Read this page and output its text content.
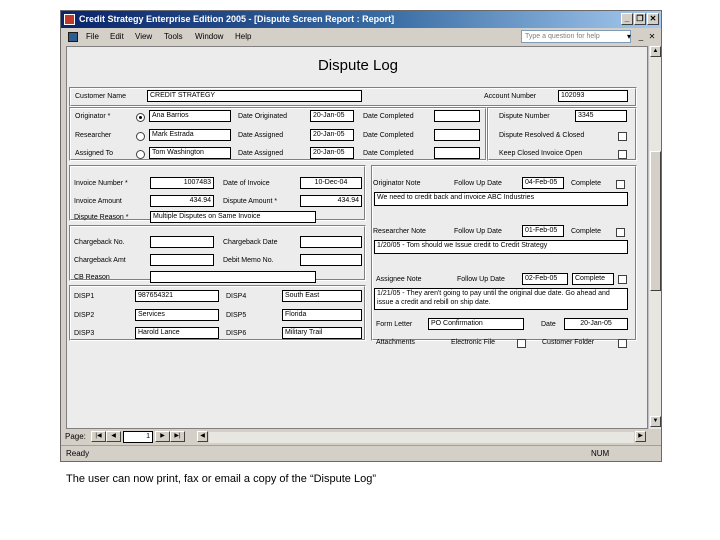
Credit Strategy Enterprise Edition 2005 - [Dispute Screen Report : Report]	_ ❐ ✕
File Edit View Tools Window Help	Type a question for help	▾ _ ✕
Dispute Log
Customer Name	CREDIT STRATEGY	Account Number	102093
Originator *	Ana Barrios	Date Originated	20-Jan-05	Date Completed
Researcher	Mark Estrada	Date Assigned	20-Jan-05	Date Completed
Assigned To	Tom Washington	Date Assigned	20-Jan-05	Date Completed
Dispute Number	3345
Dispute Resolved & Closed
Keep Closed Invoice Open
Invoice Number *	1007483	Date of Invoice	10-Dec-04
Invoice Amount	434.94	Dispute Amount *	434.94
Dispute Reason *	Multiple Disputes on Same Invoice
Chargeback No.	Chargeback Date
Chargeback Amt	Debit Memo No.
CB Reason
DISP1	987654321	DISP4	South East
DISP2	Services	DISP5	Florida
DISP3	Harold Lance	DISP6	Military Trail
Originator Note	Follow Up Date	04-Feb-05	Complete
We need to credit back and invoice ABC Industries
Researcher Note	Follow Up Date	01-Feb-05	Complete
1/20/05 - Tom should we Issue credit to Credit Strategy
Assignee Note	Follow Up Date	02-Feb-05	Complete
1/21/05 - They aren't going to pay until the original due date. Go ahead and issue a credit and rebill on ship date.
Form Letter	PO Confirmation	Date	20-Jan-05
Attachments	Electronic File	Customer Folder
▲
▼
Page:	|◀	◀	1	▶	▶|	◀	▶
Ready	NUM
The user can now print, fax or email a copy of the “Dispute Log”
